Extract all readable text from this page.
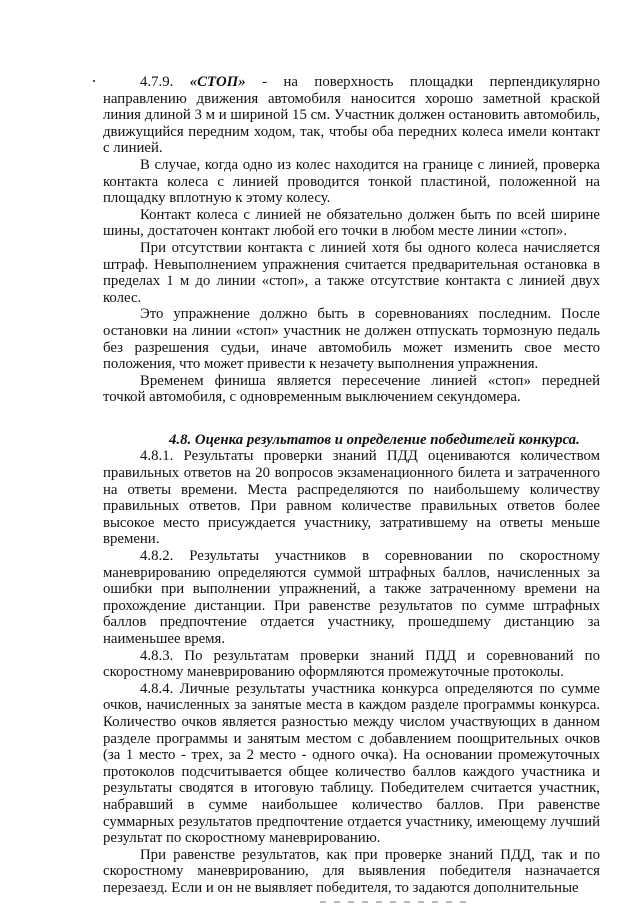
4.7.9. «СТОП» - на поверхность площадки перпендикулярно направлению движения автомобиля наносится хорошо заметной краской линия длиной 3 м и шириной 15 см. Участник должен остановить автомобиль, движущийся передним ходом, так, чтобы оба передних колеса имели контакт с линией.

В случае, когда одно из колес находится на границе с линией, проверка контакта колеса с линией проводится тонкой пластиной, положенной на площадку вплотную к этому колесу.

Контакт колеса с линией не обязательно должен быть по всей ширине шины, достаточен контакт любой его точки в любом месте линии «стоп».

При отсутствии контакта с линией хотя бы одного колеса начисляется штраф. Невыполнением упражнения считается предварительная остановка в пределах 1 м до линии «стоп», а также отсутствие контакта с линией двух колес.

Это упражнение должно быть в соревнованиях последним. После остановки на линии «стоп» участник не должен отпускать тормозную педаль без разрешения судьи, иначе автомобиль может изменить свое место положения, что может привести к незачету выполнения упражнения.

Временем финиша является пересечение линией «стоп» передней точкой автомобиля, с одновременным выключением секундомера.

4.8. Оценка результатов и определение победителей конкурса.

4.8.1. Результаты проверки знаний ПДД оцениваются количеством правильных ответов на 20 вопросов экзаменационного билета и затраченного на ответы времени. Места распределяются по наибольшему количеству правильных ответов. При равном количестве правильных ответов более высокое место присуждается участнику, затратившему на ответы меньше времени.

4.8.2. Результаты участников в соревновании по скоростному маневрированию определяются суммой штрафных баллов, начисленных за ошибки при выполнении упражнений, а также затраченному времени на прохождение дистанции. При равенстве результатов по сумме штрафных баллов предпочтение отдается участнику, прошедшему дистанцию за наименьшее время.

4.8.3. По результатам проверки знаний ПДД и соревнований по скоростному маневрированию оформляются промежуточные протоколы.

4.8.4. Личные результаты участника конкурса определяются по сумме очков, начисленных за занятые места в каждом разделе программы конкурса. Количество очков является разностью между числом участвующих в данном разделе программы и занятым местом с добавлением поощрительных очков (за 1 место - трех, за 2 место - одного очка). На основании промежуточных протоколов подсчитывается общее количество баллов каждого участника и результаты сводятся в итоговую таблицу. Победителем считается участник, набравший в сумме наибольшее количество баллов. При равенстве суммарных результатов предпочтение отдается участнику, имеющему лучший результат по скоростному маневрированию.

При равенстве результатов, как при проверке знаний ПДД, так и по скоростному маневрированию, для выявления победителя назначается перезаезд. Если и он не выявляет победителя, то задаются дополнительные
